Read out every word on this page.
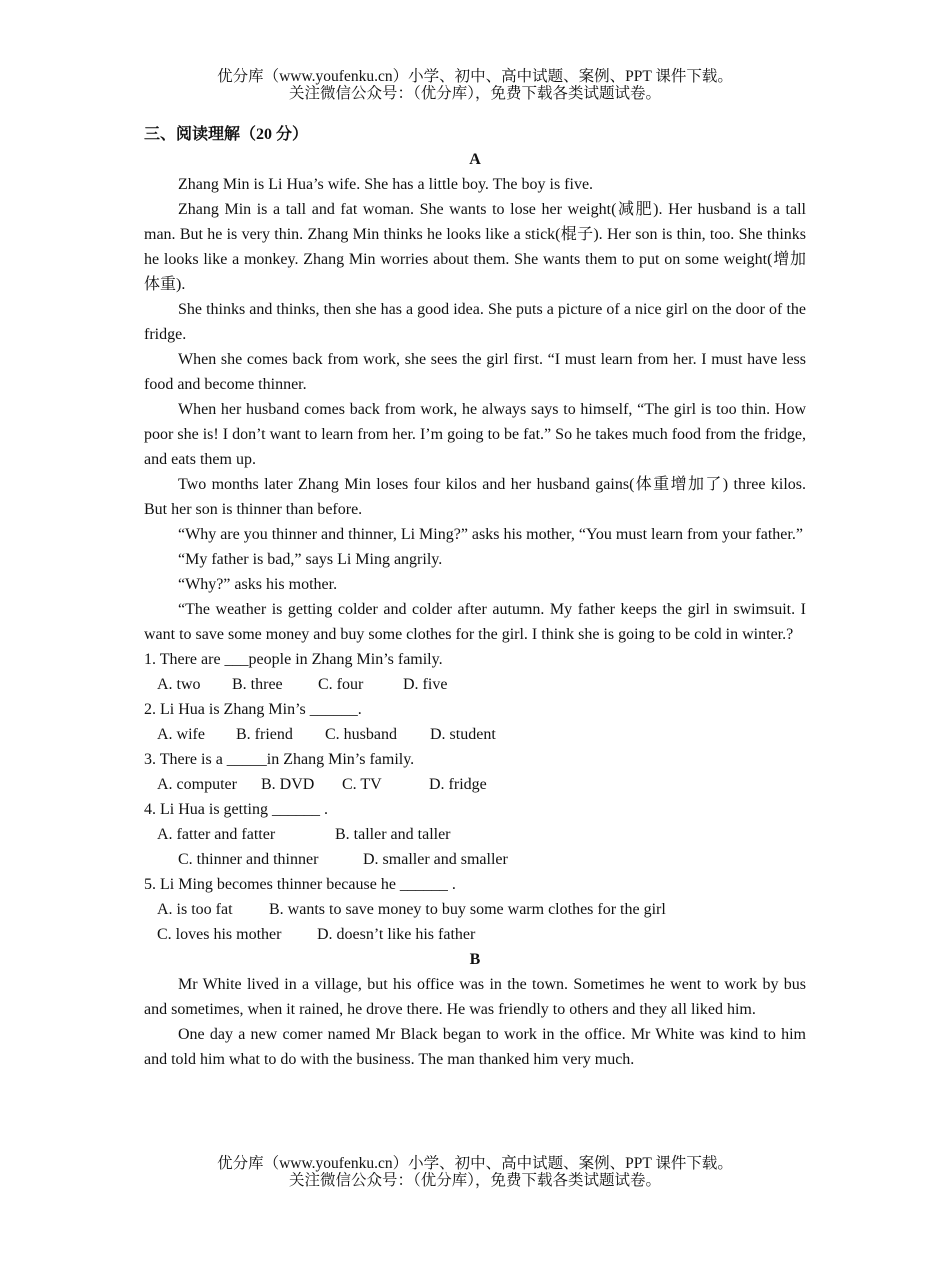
优分库（www.youfenku.cn）小学、初中、高中试题、案例、PPT 课件下载。
关注微信公众号：（优分库），免费下载各类试题试卷。

三、阅读理解（20 分）

A

Zhang Min is Li Hua’s wife. She has a little boy. The boy is five.

Zhang Min is a tall and fat woman. She wants to lose her weight(减肥). Her husband is a tall man. But he is very thin. Zhang Min thinks he looks like a stick(棍子). Her son is thin, too. She thinks he looks like a monkey. Zhang Min worries about them. She wants them to put on some weight(增加体重).

She thinks and thinks, then she has a good idea. She puts a picture of a nice girl on the door of the fridge.

When she comes back from work, she sees the girl first. “I must learn from her. I must have less food and become thinner.

When her husband comes back from work, he always says to himself, “The girl is too thin. How poor she is! I don’t want to learn from her. I’m going to be fat.” So he takes much food from the fridge, and eats them up.

Two months later Zhang Min loses four kilos and her husband gains(体重增加了) three kilos. But her son is thinner than before.

“Why are you thinner and thinner, Li Ming?” asks his mother, “You must learn from your father.”

“My father is bad,” says Li Ming angrily.

“Why?” asks his mother.

“The weather is getting colder and colder after autumn. My father keeps the girl in swimsuit. I want to save some money and buy some clothes for the girl. I think she is going to be cold in winter.?

1. There are ___people in Zhang Min’s family.

A. two B. three C. four D. five

2. Li Hua is Zhang Min’s ______.

A. wife B. friend C. husband D. student

3. There is a _____in Zhang Min’s family.

A. computer B. DVD C. TV	D. fridge

4. Li Hua is getting ______ .

A. fatter and fatter	B. taller and taller

C. thinner and thinner	D. smaller and smaller

5. Li Ming becomes thinner because he ______ .

A. is too fat B. wants to save money to buy some warm clothes for the girl

C. loves his mother D. doesn’t like his father

B

Mr White lived in a village, but his office was in the town. Sometimes he went to work by bus and sometimes, when it rained, he drove there. He was friendly to others and they all liked him.

One day a new comer named Mr Black began to work in the office. Mr White was kind to him and told him what to do with the business. The man thanked him very much.

优分库（www.youfenku.cn）小学、初中、高中试题、案例、PPT 课件下载。
关注微信公众号：（优分库），免费下载各类试题试卷。
